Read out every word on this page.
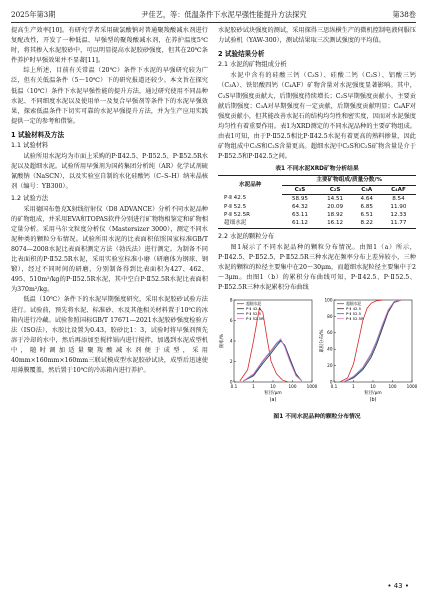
2025年第3期	尹佳艺，等：低温条件下水泥早强性能提升方法探究	第38卷

提高生产效率[10]。有研究学者采用硫氯酸钠对普通聚羧酸减水剂进行复配改性，开发了一种低温、早强型的聚羧酸减水剂，在养护温度5℃时，将其掺入水泥胶砂中，可以明显提高水泥胶砂强度，但其在20℃条件养护时早强效果并不显著[11]。

综上所述，目前有关常温（20℃）条件下水泥的早强研究较为广泛，但有关低温条件（5～10℃）下的研究报道还较少。本文旨在探究低温（10℃）条件下水泥早强性能的提升方法，通过研究使用不同品种水泥、不同细度水泥以及使用单一及复合早强剂等条件下的水泥早强效果，探索低温条件下切实可靠的水泥早强提升方法，并为生产应用实践提供一定的参考和借鉴。

1 试验材料及方法
1.1 试验材料

试验所用水泥均为市面上采购的P·Ⅱ42.5、P·Ⅱ52.5、P·Ⅱ52.5R水泥以及超细水泥。试验所用早强剂为国药集团分析纯（AR）化学试剂硫氰酸钠（NaSCN），以及实验室自制的水化硅酸钙（C–S–H）纳米晶核剂（编号：YB300）。

1.2 试验方法

采用德国布鲁克X射线衍射仪（D8 ADVANCE）分析不同水泥品种的矿物组成，并采用EVA和TOPAS软件分别进行矿物物相鉴定和矿物相定量分析。采用马尔文粒度分析仪（Mastersizer 3000），测定不同水泥种类的颗粒分布情况。试验所用水泥的比表面积依照国家标准GB/T 8074—2008水泥比表面积测定方法（勃氏法）进行测定。为制备不同比表面积的P·Ⅱ52.5R水泥，采用实验室标准小磨（研磨体为钢球、钢锻），经过不同时间的研磨，分别制备得到比表面积为427、462、495、510m²/kg的P·Ⅱ52.5R水泥，其中空白P·Ⅱ52.5R水泥比表面积为370m²/kg。

低温（10℃）条件下的水泥早期强度研究，采用水泥胶砂试验方法进行。试验前，预先将水泥、标准砂、水及其他相关材料置于10℃的冰箱内进行冷藏。试验参照国标GB/T 17671—2021水泥胶砂强度检验方法（ISO法），水胶比设置为0.43，胶砂比1：3，试验时将早强剂预先溶于冷却的水中，然后再添加至搅拌锅内进行搅拌，加遇到水泥成型机中，随时调加适量聚羧酸减水剂便于成型，采用40mm×160mm×160mm三联试模成型水泥胶砂试块，成型后迅速使用薄膜覆盖，然后置于10℃的冷冻箱内进行养护。

水泥胶砂试块强度的测试，采用探得三思纵横生产的微机控制电液伺服压力试验机（YAW-300），测试结果取三次测试强度的平均值。

2 试验结果分析
2.1 水泥的矿物组成分析

水泥中含有的硅酸三钙（C₃S）、硅酸二钙（C₂S）、铝酸三钙（C₃A）、铁铝酸四钙（C₄AF）矿物含量对水泥强度显著影响。其中，C₃S早期强度贡献大，后期强度持续增长；C₂S早期强度贡献小，主要贡献后期强度；C₃A对早期强度有一定贡献，后期强度贡献明显；C₄AF对强度贡献小，但其能改善水泥石的结构均匀性和密实度，因而对水泥强度均匀性有着重要作用。表1为XRD测定的不同水泥品种的主要矿物组成。由表1可知，由于P·Ⅱ52.5相比P·Ⅱ42.5水泥有着更高的熟料掺量，因此矿物组成中C₃S和C₂S含量更高。超细水泥中C₃S和C₂S矿物含量是介于P·Ⅱ52.5和P·Ⅱ42.5之间。

表1 不同水泥XRD矿物分析结果
水泥品种	主要矿物组成/质量分数/%			
	C₃S	C₂S	C₃A	C₄AF
P·Ⅱ 42.5	58.95	14.51	4.64	8.54
P·Ⅱ 52.5	64.32	20.09	6.85	11.90
P·Ⅱ 52.5R	63.11	18.92	6.51	12.33
超细水泥	61.12	16.12	8.22	11.77
2.2 水泥的颗粒分布

图1展示了不同水泥品种的颗粒分布情况。由图1（a）所示，P·Ⅱ42.5、P·Ⅱ52.5、P·Ⅱ52.5R三种水泥在频率分布上差异较小，三种水泥的颗粒的粒径主要集中在20～30μm，而超细水泥粒径主要集中于2～3μm。由图1（b）的累积分布曲线可知，P·Ⅱ42.5、P·Ⅱ52.5、P·Ⅱ52.5R三种水泥累积分布曲线

0.1	1	10	100 1000
0
2
4
6
8
超细水泥
P·Ⅱ 42.5
P·Ⅱ 52.5
P·Ⅱ 52.5R
粒径/μm
频率/%
(a)
0.1	1	10	100 1000
0
20
40
60
80
100
超细水泥
P·Ⅱ 42.5
P·Ⅱ 52.5
P·Ⅱ 52.5R
粒径/μm
累积分布/%
(b)
图1 不同水泥品种的颗粒分布情况
• 43 •
